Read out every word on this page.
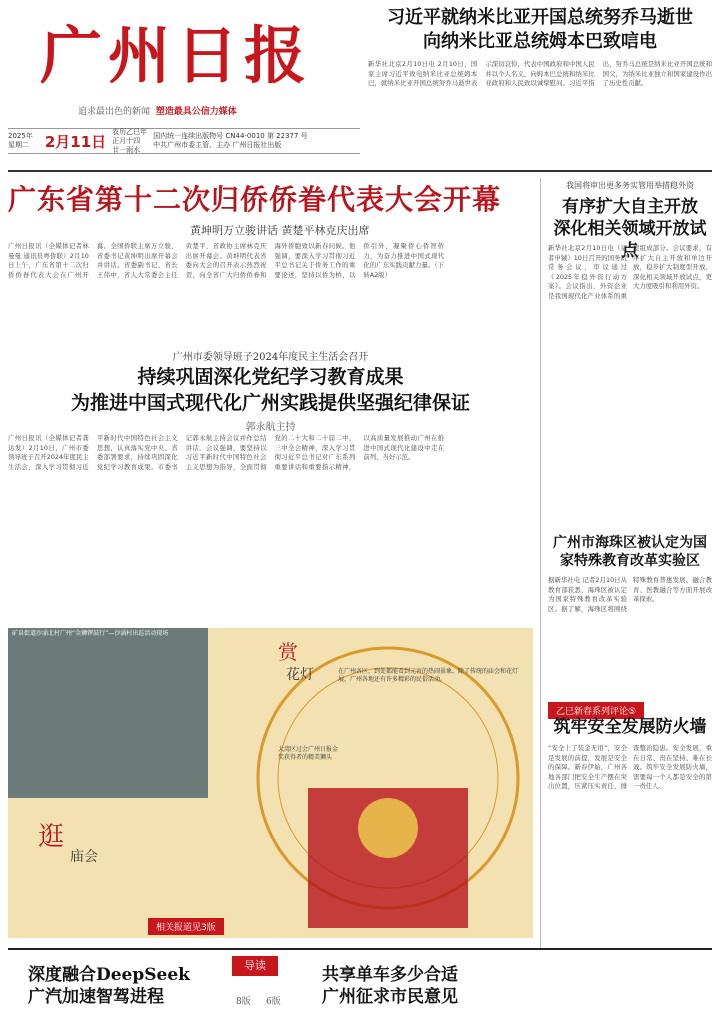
广州日报
追求最出色的新闻 塑造最具公信力媒体
2025年
星期二 2月11日
农历乙巳年
正月十四
廿一雨水
国内统一连续出版物号 CN44-0010 第 22377 号
中共广州市委主管、主办 广州日报社出版
习近平就纳米比亚开国总统努乔马逝世
向纳米比亚总统姆本巴致唁电
新华社北京2月10日电 2月10日，国家主席习近平致电纳米比亚总统姆本巴，就纳米比亚开国总统努乔马逝世表示深切哀悼，代表中国政府和中国人民并以个人名义，向姆本巴总统和纳米比亚政府和人民致以诚挚慰问。习近平指出，努乔马总统是纳米比亚开国总统和国父，为纳米比亚独立和国家建设作出了历史性贡献。
广东省第十二次归侨侨眷代表大会开幕
黄坤明万立骏讲话 黄楚平林克庆出席
广州日报讯（全媒体记者林曼曼 通讯员粤侨联）2月10日上午，广东省第十二次归侨侨眷代表大会在广州开幕。全国侨联主席万立骏，省委书记黄坤明出席开幕会并讲话。省委副书记、省长王伟中，省人大常委会主任黄楚平，省政协主席林克庆出席开幕会。黄坤明代表省委向大会的召开表示热烈祝贺，向全省广大归侨侨眷和海外侨胞致以新春问候。他强调，要深入学习贯彻习近平总书记关于侨务工作的重要论述，坚持以侨为桥、以侨引外，凝聚侨心侨智侨力，为奋力推进中国式现代化的广东实践贡献力量。（下转A2版）
广州市委领导班子2024年度民主生活会召开
持续巩固深化党纪学习教育成果
为推进中国式现代化广州实践提供坚强纪律保证
郭永航主持
广州日报讯（全媒体记者龚达发）2月10日，广州市委领导班子召开2024年度民主生活会，深入学习贯彻习近平新时代中国特色社会主义思想，认真落实党中央、省委部署要求，持续巩固深化党纪学习教育成果。市委书记郭永航主持会议并作总结讲话。会议强调，要坚持以习近平新时代中国特色社会主义思想为指导，全面贯彻党的二十大和二十届二中、三中全会精神，深入学习贯彻习近平总书记对广东系列重要讲话和重要指示精神，以高质量发展推动广州在推进中国式现代化建设中走在前列、当好示范。
矿泉街道沙涌北村广州“金狮锣鼓行”—沙涌村出巡活动现场
赏
花灯
逛
庙会
在广州各区，到处都能看到元宵的热闹景象。除了传统的庙会和花灯展，广州各地还有许多精彩的民俗活动。
大湾区过会广州日报金奖获得者的精美狮头
相关报道见3版
我国将审出更多务实管用举措稳外资
有序扩大自主开放
深化相关领域开放试点
新华社北京2月10日电（记者申铖）10日召开的国务院常务会议，审议通过《2025年稳外资行动方案》。会议指出，外资企业是我国现代化产业体系的重要组成部分。会议要求，有序扩大自主开放和单边开放，稳步扩大制度型开放，深化相关领域开放试点，更大力度吸引和利用外资。
广州市海珠区被认定为国家特殊教育改革实验区
据新华社电 记者2月10日从教育部获悉，海珠区被认定为国家特殊教育改革实验区。据了解，海珠区将围绕特殊教育普惠发展、融合教育、医教融合等方面开展改革探索。
乙巳新春系列评论⑤
筑牢安全发展防火墙
“安全上了装金无用”，安全是发展的前提，发展是安全的保障。新春伊始，广州各地各部门把安全生产摆在突出位置，压紧压实责任，排查整治隐患。安全发展，重在日常、贵在坚持、难在长效。筑牢安全发展防火墙，需要每一个人都是安全的第一责任人。
深度融合DeepSeek
广汽加速智驾进程
导读
8版 6版
共享单车多少合适
广州征求市民意见
